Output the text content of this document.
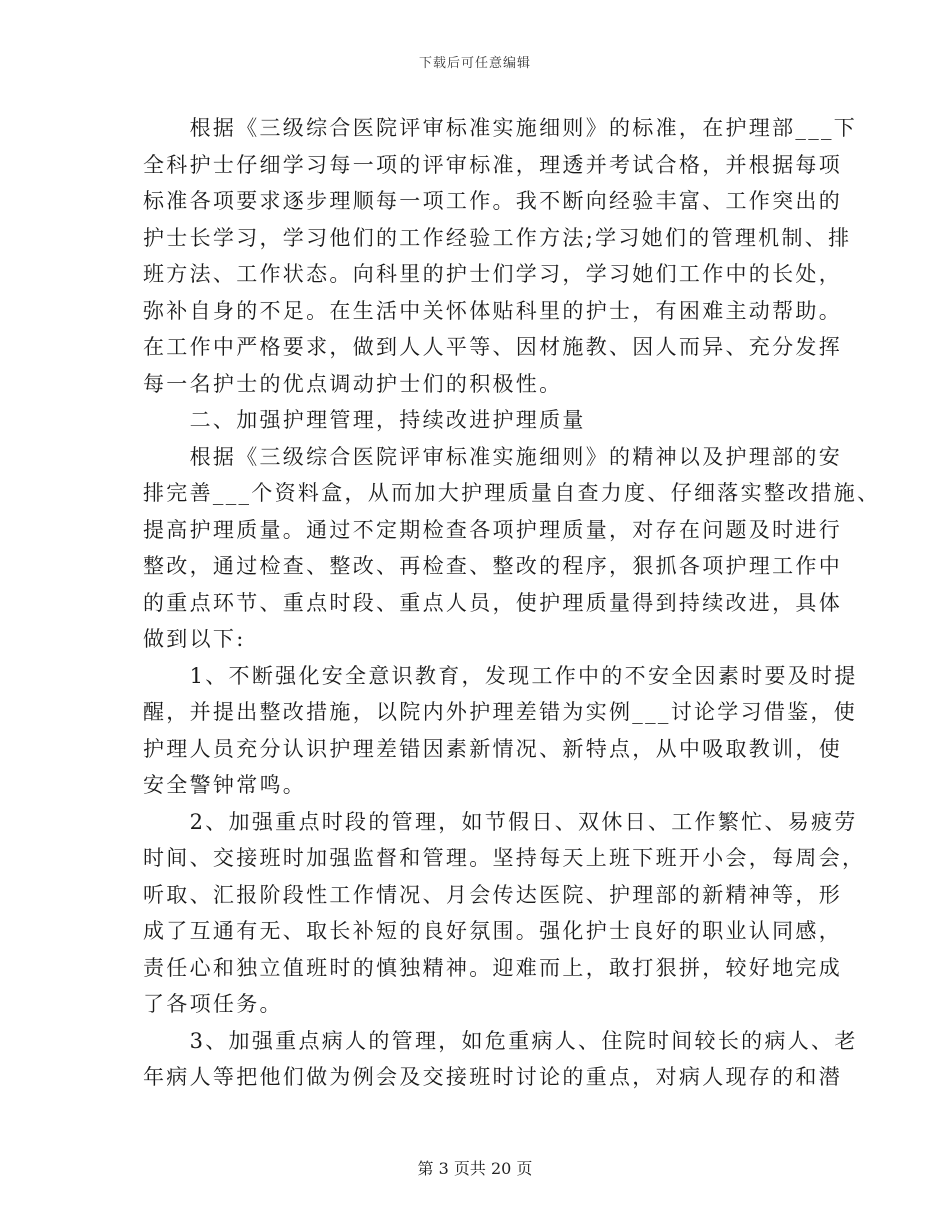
下载后可任意编辑
　　根据《三级综合医院评审标准实施细则》的标准，在护理部___下
全科护士仔细学习每一项的评审标准，理透并考试合格，并根据每项
标准各项要求逐步理顺每一项工作。我不断向经验丰富、工作突出的
护士长学习，学习他们的工作经验工作方法;学习她们的管理机制、排
班方法、工作状态。向科里的护士们学习，学习她们工作中的长处，
弥补自身的不足。在生活中关怀体贴科里的护士，有困难主动帮助。
在工作中严格要求，做到人人平等、因材施教、因人而异、充分发挥
每一名护士的优点调动护士们的积极性。
　　二、加强护理管理，持续改进护理质量
　　根据《三级综合医院评审标准实施细则》的精神以及护理部的安
排完善___个资料盒，从而加大护理质量自查力度、仔细落实整改措施、
提高护理质量。通过不定期检查各项护理质量，对存在问题及时进行
整改，通过检查、整改、再检查、整改的程序，狠抓各项护理工作中
的重点环节、重点时段、重点人员，使护理质量得到持续改进，具体
做到以下:
　　1、不断强化安全意识教育，发现工作中的不安全因素时要及时提
醒，并提出整改措施，以院内外护理差错为实例___讨论学习借鉴，使
护理人员充分认识护理差错因素新情况、新特点，从中吸取教训，使
安全警钟常鸣。
　　2、加强重点时段的管理，如节假日、双休日、工作繁忙、易疲劳
时间、交接班时加强监督和管理。坚持每天上班下班开小会，每周会，
听取、汇报阶段性工作情况、月会传达医院、护理部的新精神等，形
成了互通有无、取长补短的良好氛围。强化护士良好的职业认同感，
责任心和独立值班时的慎独精神。迎难而上，敢打狠拼，较好地完成
了各项任务。
　　3、加强重点病人的管理，如危重病人、住院时间较长的病人、老
年病人等把他们做为例会及交接班时讨论的重点，对病人现存的和潜
第 3 页共 20 页
